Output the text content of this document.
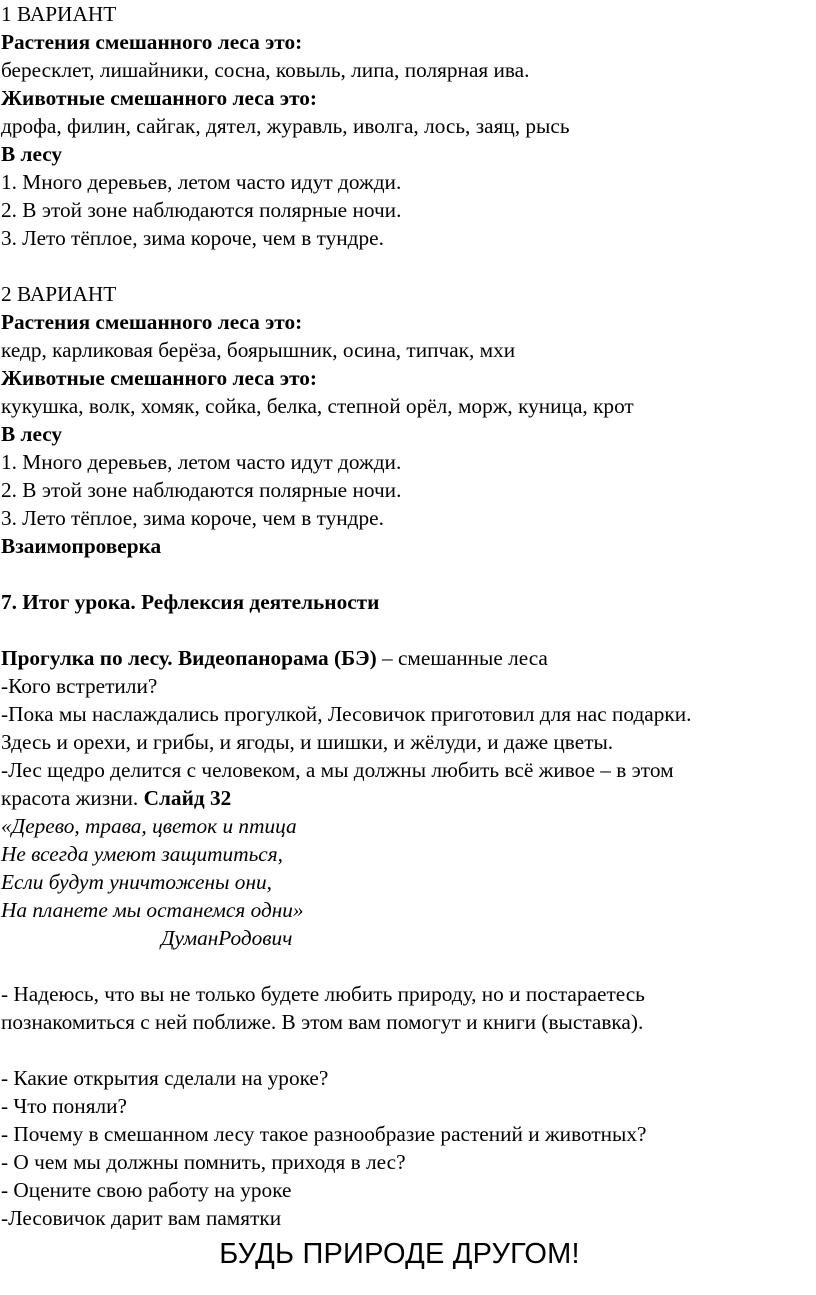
1 ВАРИАНТ

Растения смешанного леса это:

бересклет, лишайники, сосна, ковыль, липа, полярная ива.

Животные смешанного леса это:

дрофа, филин, сайгак, дятел, журавль, иволга, лось, заяц, рысь

В лесу

1. Много деревьев, летом часто идут дожди.

2. В этой зоне наблюдаются полярные ночи.

3. Лето тёплое, зима короче, чем в тундре.

2 ВАРИАНТ

Растения смешанного леса это:

кедр, карликовая берёза, боярышник, осина, типчак, мхи

Животные смешанного леса это:

кукушка, волк, хомяк, сойка, белка, степной орёл, морж, куница, крот

В лесу

1. Много деревьев, летом часто идут дожди.

2. В этой зоне наблюдаются полярные ночи.

3. Лето тёплое, зима короче, чем в тундре.

Взаимопроверка

7. Итог урока. Рефлексия деятельности

Прогулка по лесу. Видеопанорама (БЭ) – смешанные леса

-Кого встретили?

-Пока мы наслаждались прогулкой, Лесовичок приготовил для нас подарки.

Здесь и орехи, и грибы, и ягоды, и шишки, и жёлуди, и даже цветы.

-Лес щедро делится с человеком, а мы должны любить всё живое – в этом

красота жизни. Слайд 32

«Дерево, трава, цветок и птица

Не всегда умеют защититься,

Если будут уничтожены они,

На планете мы останемся одни»

ДуманРодович

- Надеюсь, что вы не только будете любить природу, но и постараетесь

познакомиться с ней поближе. В этом вам помогут и книги (выставка).

- Какие открытия сделали на уроке?

- Что поняли?

- Почему в смешанном лесу такое разнообразие растений и животных?

- О чем мы должны помнить, приходя в лес?

- Оцените свою работу на уроке

-Лесовичок дарит вам памятки

БУДЬ ПРИРОДЕ ДРУГОМ!
